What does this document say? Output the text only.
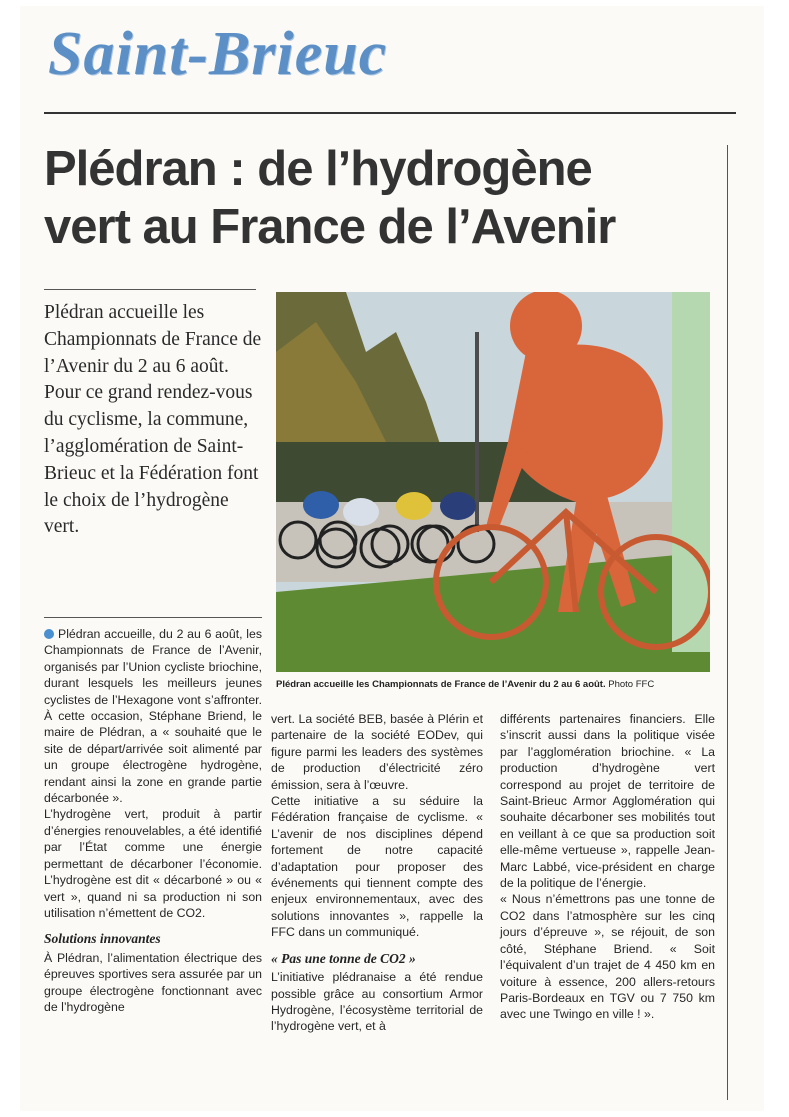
Saint-Brieuc
Plédran : de l’hydrogène
vert au France de l’Avenir

Plédran accueille les Championnats de France de l’Avenir du 2 au 6 août. Pour ce grand rendez-vous du cyclisme, la commune, l’agglomération de Saint-Brieuc et la Fédération font le choix de l’hydrogène vert.

Plédran accueille les Championnats de France de l’Avenir du 2 au 6 août. Photo FFC

Plédran accueille, du 2 au 6 août, les Championnats de France de l’Avenir, organisés par l’Union cycliste briochine, durant lesquels les meilleurs jeunes cyclistes de l’Hexagone vont s’affronter. À cette occasion, Stéphane Briend, le maire de Plédran, a « souhaité que le site de départ/arrivée soit alimenté par un groupe électrogène hydrogène, rendant ainsi la zone en grande partie décarbonée ».

L’hydrogène vert, produit à partir d’énergies renouvelables, a été identifié par l’État comme une énergie permettant de décarboner l’économie. L’hydrogène est dit « décarboné » ou « vert », quand ni sa production ni son utilisation n’émettent de CO2.

Solutions innovantes

À Plédran, l’alimentation électrique des épreuves sportives sera assurée par un groupe électrogène fonctionnant avec de l’hydrogène

vert. La société BEB, basée à Plérin et partenaire de la société EODev, qui figure parmi les leaders des systèmes de production d’électricité zéro émission, sera à l’œuvre.

Cette initiative a su séduire la Fédération française de cyclisme. « L’avenir de nos disciplines dépend fortement de notre capacité d’adaptation pour proposer des événements qui tiennent compte des enjeux environnementaux, avec des solutions innovantes », rappelle la FFC dans un communiqué.

« Pas une tonne de CO2 »

L’initiative plédranaise a été rendue possible grâce au consortium Armor Hydrogène, l’écosystème territorial de l’hydrogène vert, et à

différents partenaires financiers. Elle s’inscrit aussi dans la politique visée par l’agglomération briochine. « La production d’hydrogène vert correspond au projet de territoire de Saint-Brieuc Armor Agglomération qui souhaite décarboner ses mobilités tout en veillant à ce que sa production soit elle-même vertueuse », rappelle Jean-Marc Labbé, vice-président en charge de la politique de l’énergie.

« Nous n’émettrons pas une tonne de CO2 dans l’atmosphère sur les cinq jours d’épreuve », se réjouit, de son côté, Stéphane Briend. « Soit l’équivalent d’un trajet de 4 450 km en voiture à essence, 200 allers-retours Paris-Bordeaux en TGV ou 7 750 km avec une Twingo en ville ! ».
